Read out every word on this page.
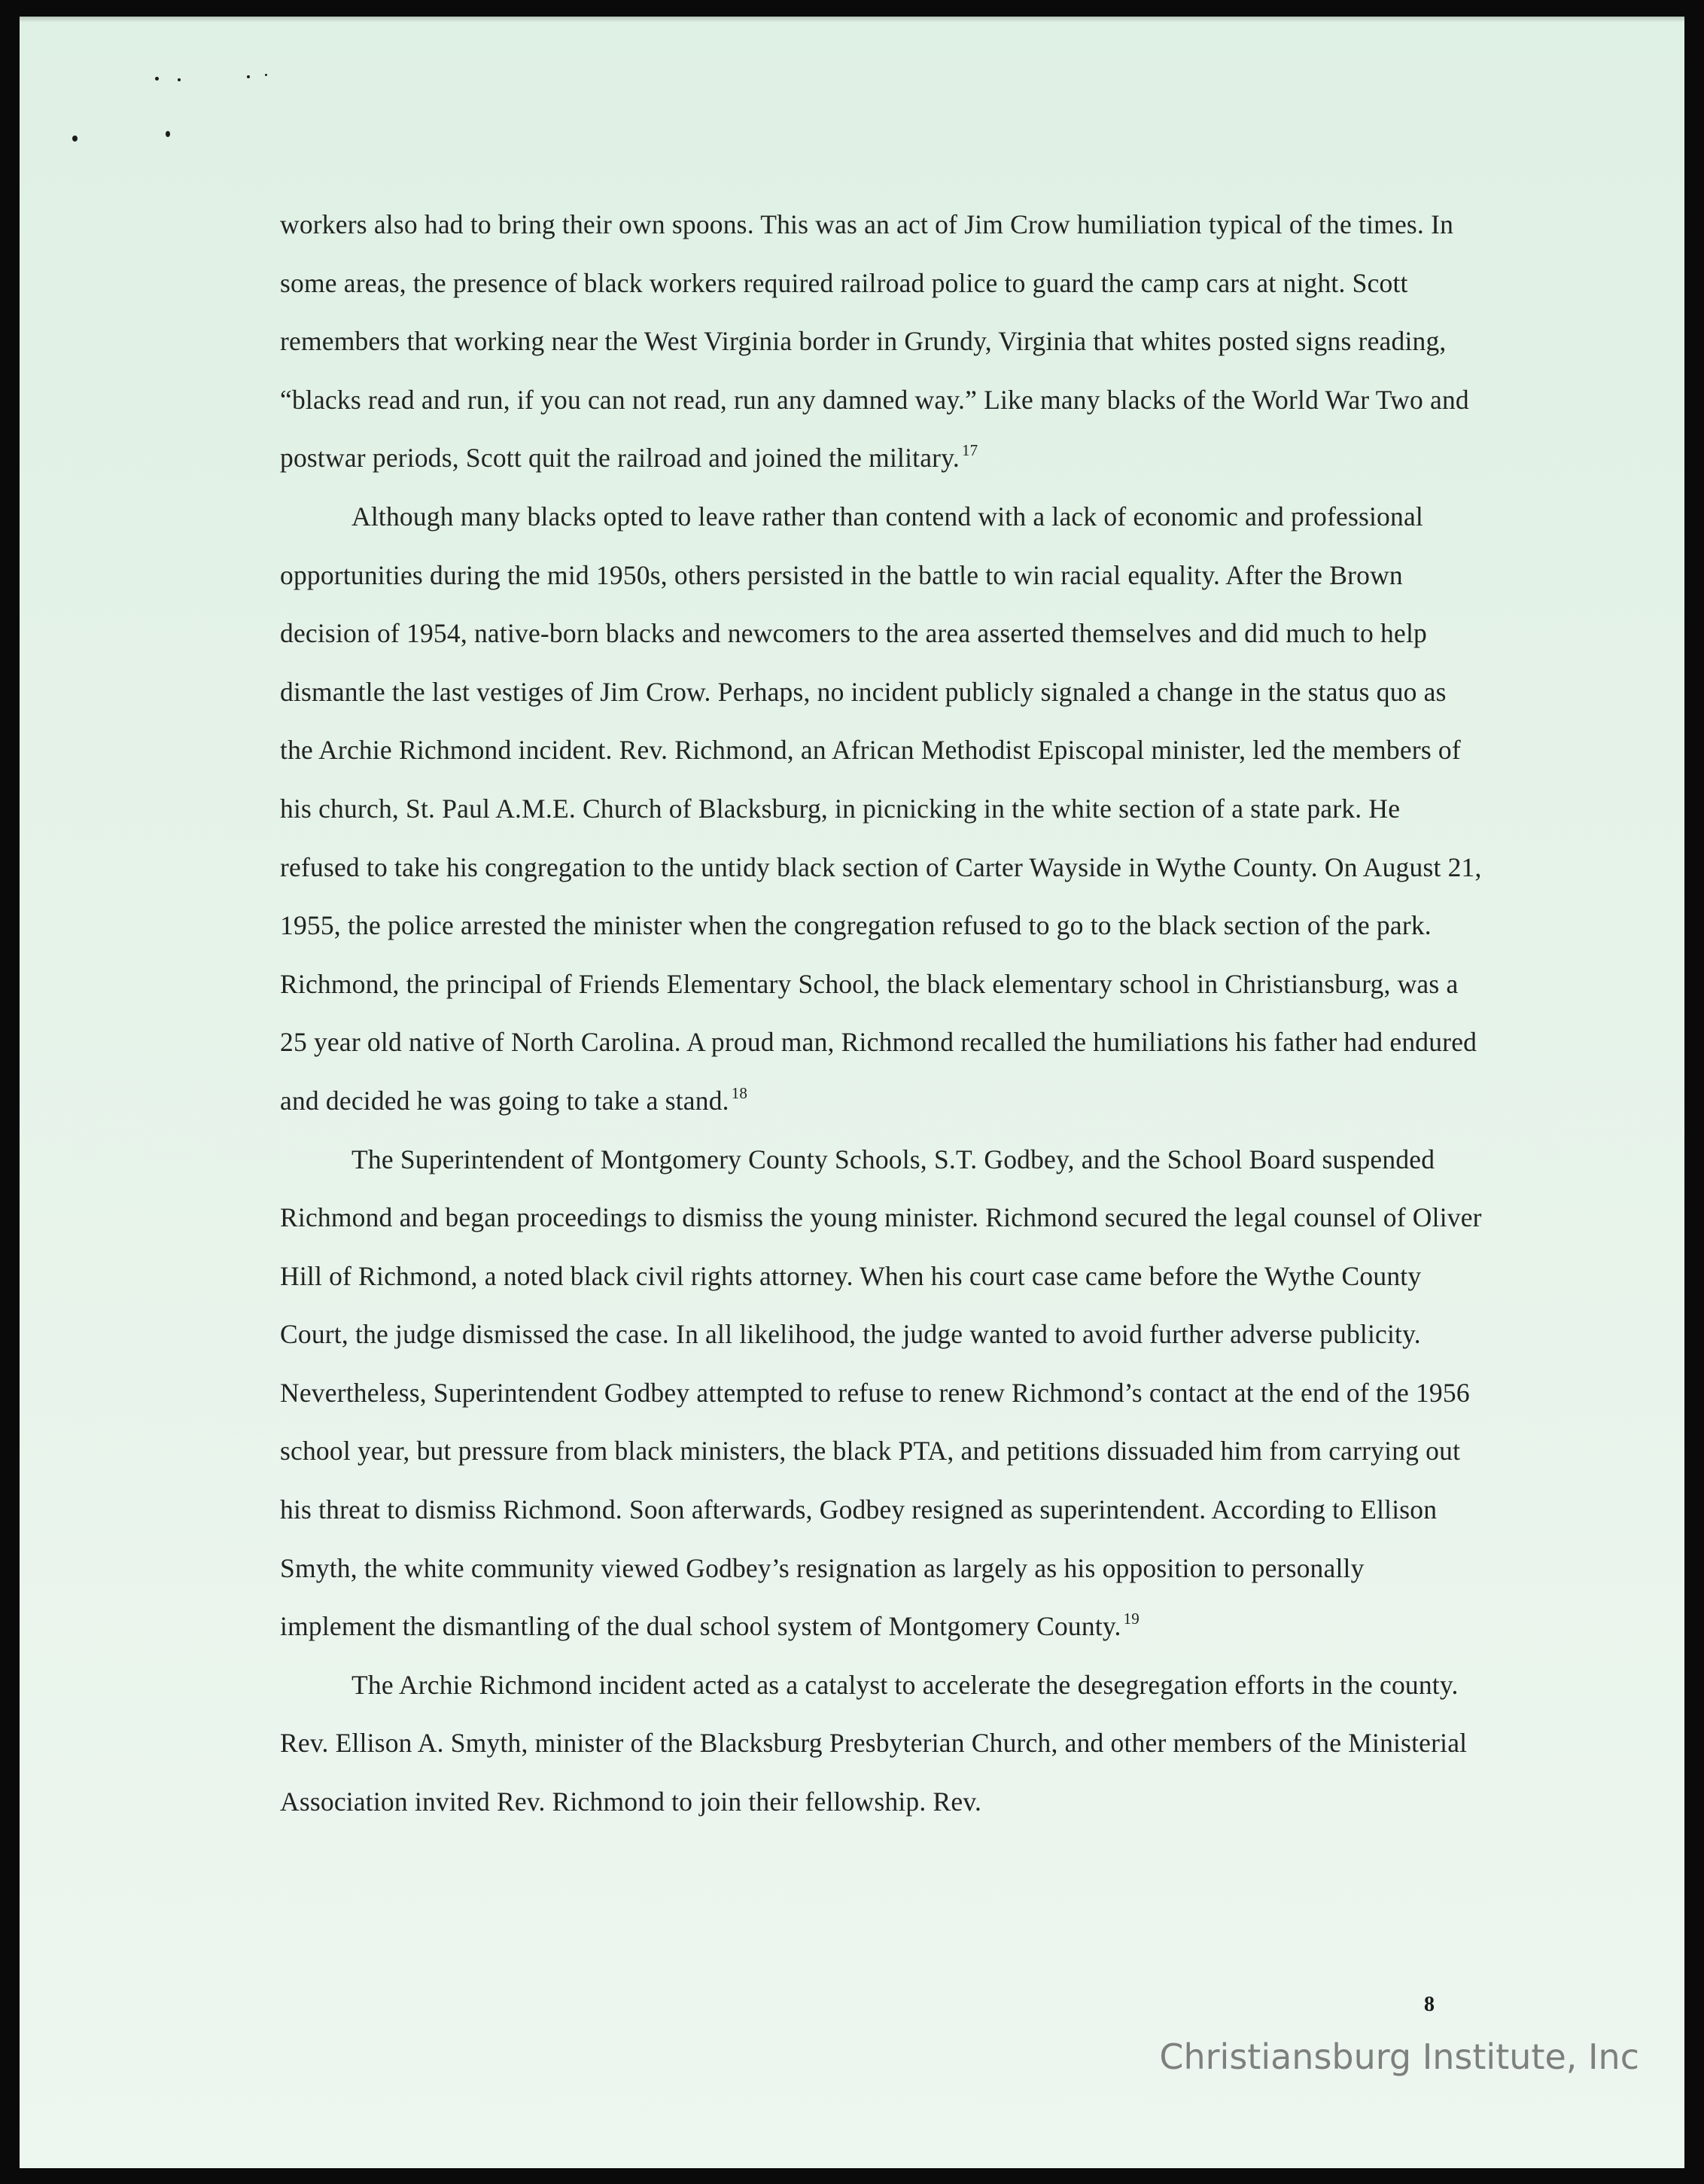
workers also had to bring their own spoons. This was an act of Jim Crow humiliation typical of the times. In some areas, the presence of black workers required railroad police to guard the camp cars at night. Scott remembers that working near the West Virginia border in Grundy, Virginia that whites posted signs reading, “blacks read and run, if you can not read, run any damned way.” Like many blacks of the World War Two and postwar periods, Scott quit the railroad and joined the military. $^{17}$

Although many blacks opted to leave rather than contend with a lack of economic and professional opportunities during the mid 1950s, others persisted in the battle to win racial equality. After the Brown decision of 1954, native-born blacks and newcomers to the area asserted themselves and did much to help dismantle the last vestiges of Jim Crow. Perhaps, no incident publicly signaled a change in the status quo as the Archie Richmond incident. Rev. Richmond, an African Methodist Episcopal minister, led the members of his church, St. Paul A.M.E. Church of Blacksburg, in picnicking in the white section of a state park. He refused to take his congregation to the untidy black section of Carter Wayside in Wythe County. On August 21, 1955, the police arrested the minister when the congregation refused to go to the black section of the park. Richmond, the principal of Friends Elementary School, the black elementary school in Christiansburg, was a 25 year old native of North Carolina. A proud man, Richmond recalled the humiliations his father had endured and decided he was going to take a stand. $^{18}$

The Superintendent of Montgomery County Schools, S.T. Godbey, and the School Board suspended Richmond and began proceedings to dismiss the young minister. Richmond secured the legal counsel of Oliver Hill of Richmond, a noted black civil rights attorney. When his court case came before the Wythe County Court, the judge dismissed the case. In all likelihood, the judge wanted to avoid further adverse publicity. Nevertheless, Superintendent Godbey attempted to refuse to renew Richmond’s contact at the end of the 1956 school year, but pressure from black ministers, the black PTA, and petitions dissuaded him from carrying out his threat to dismiss Richmond. Soon afterwards, Godbey resigned as superintendent. According to Ellison Smyth, the white community viewed Godbey’s resignation as largely as his opposition to personally implement the dismantling of the dual school system of Montgomery County. $^{19}$

The Archie Richmond incident acted as a catalyst to accelerate the desegregation efforts in the county. Rev. Ellison A. Smyth, minister of the Blacksburg Presbyterian Church, and other members of the Ministerial Association invited Rev. Richmond to join their fellowship. Rev.

8
Christiansburg Institute, Inc
